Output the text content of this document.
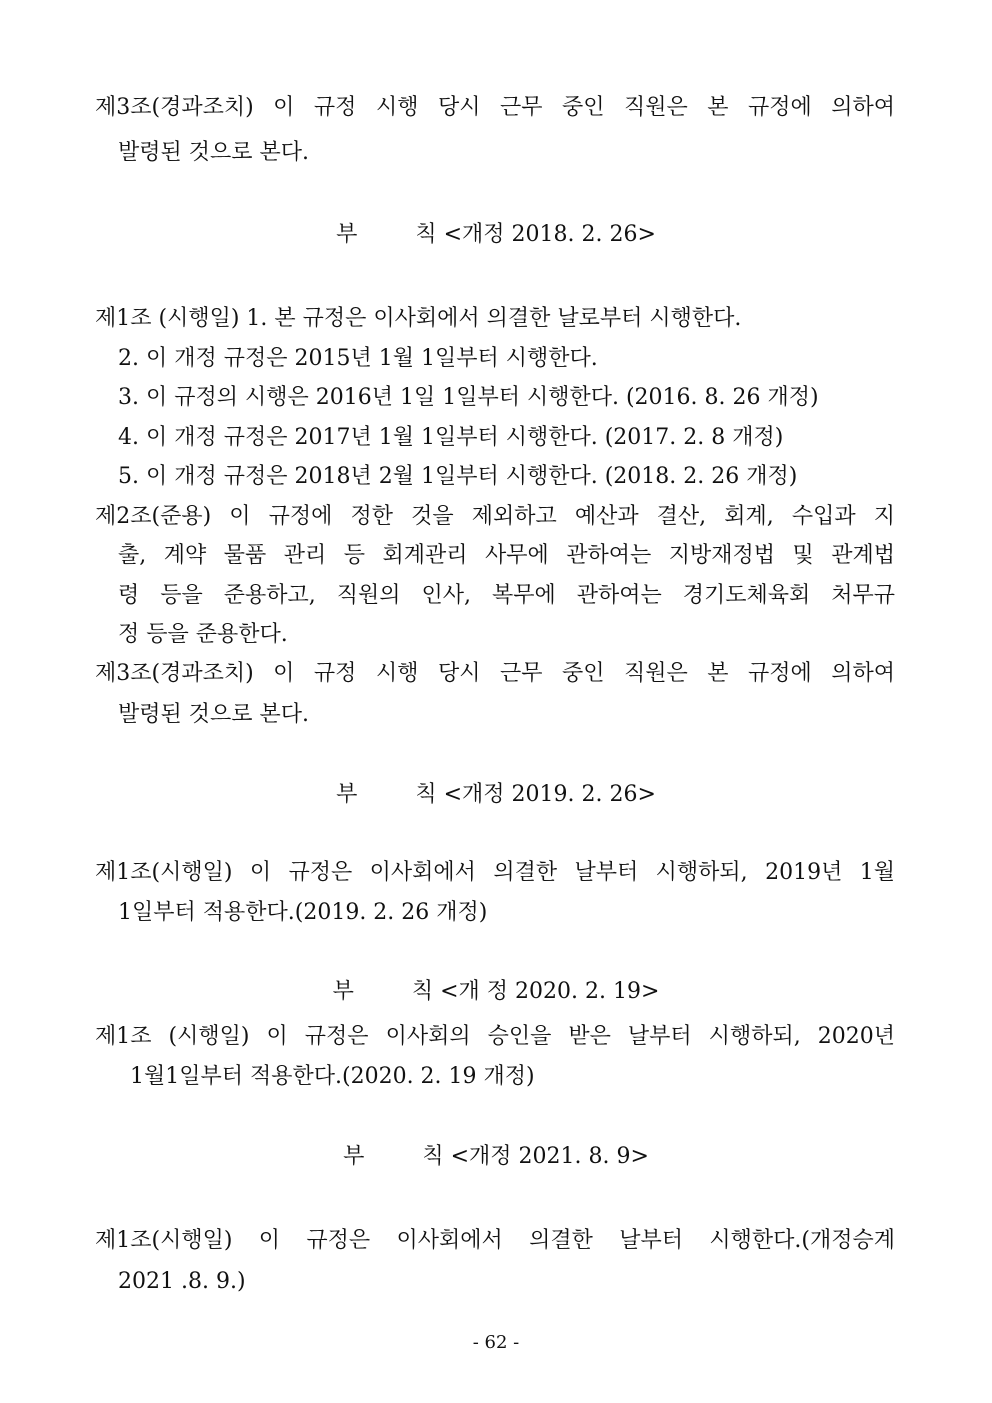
제3조(경과조치) 이 규정 시행 당시 근무 중인 직원은 본 규정에 의하여
발령된 것으로 본다.
부	칙 <개정 2018. 2. 26>
제1조 (시행일) 1. 본 규정은 이사회에서 의결한 날로부터 시행한다.
2. 이 개정 규정은 2015년 1월 1일부터 시행한다.
3. 이 규정의 시행은 2016년 1일 1일부터 시행한다. (2016. 8. 26 개정)
4. 이 개정 규정은 2017년 1월 1일부터 시행한다. (2017. 2. 8 개정)
5. 이 개정 규정은 2018년 2월 1일부터 시행한다. (2018. 2. 26 개정)
제2조(준용) 이 규정에 정한 것을 제외하고 예산과 결산, 회계, 수입과 지
출, 계약 물품 관리 등 회계관리 사무에 관하여는 지방재정법 및 관계법
령 등을 준용하고, 직원의 인사, 복무에 관하여는 경기도체육회 처무규
정 등을 준용한다.
제3조(경과조치) 이 규정 시행 당시 근무 중인 직원은 본 규정에 의하여
발령된 것으로 본다.
부	칙 <개정 2019. 2. 26>
제1조(시행일) 이 규정은 이사회에서 의결한 날부터 시행하되, 2019년 1월
1일부터 적용한다.(2019. 2. 26 개정)
부	칙 <개 정 2020. 2. 19>
제1조 (시행일) 이 규정은 이사회의 승인을 받은 날부터 시행하되, 2020년
1월1일부터 적용한다.(2020. 2. 19 개정)
부	칙 <개정 2021. 8. 9>
제1조(시행일) 이 규정은 이사회에서 의결한 날부터 시행한다.(개정승계
2021 .8. 9.)
- 62 -
